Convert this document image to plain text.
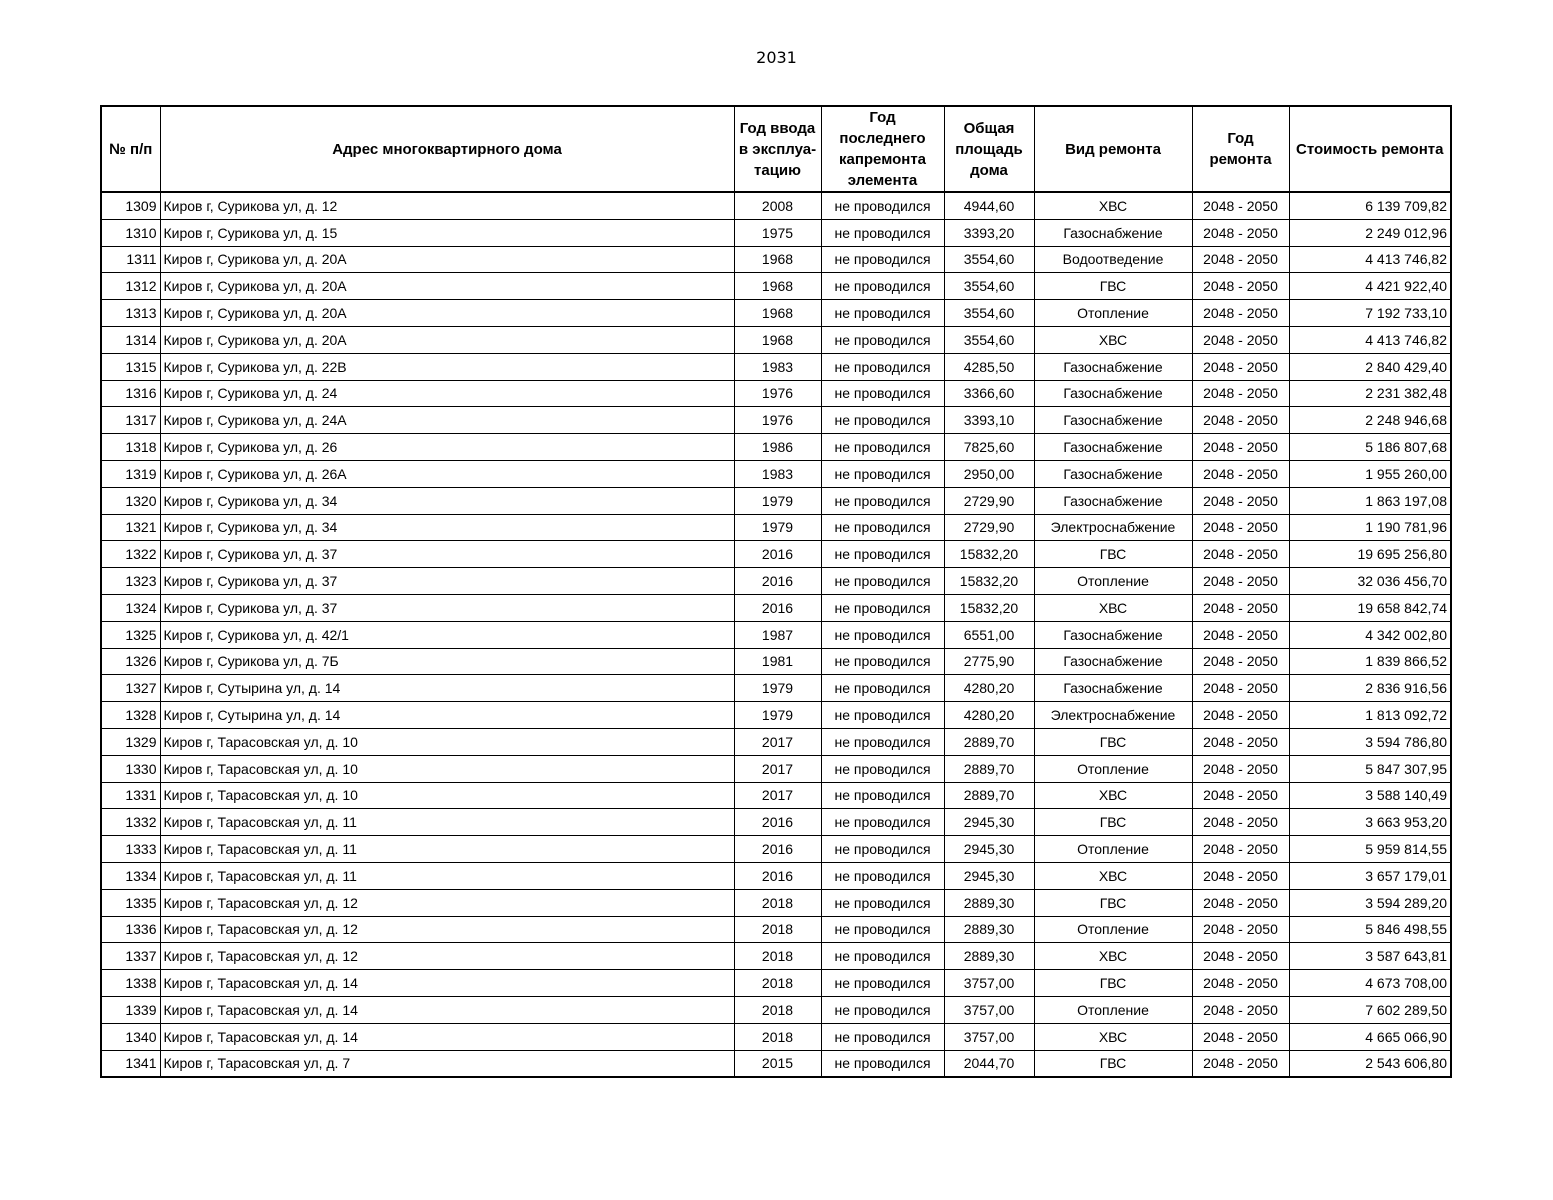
2031
№ п/п	Адрес многоквартирного дома	Год ввода в эксплуа-тацию	Год последнего капремонта элемента	Общая площадь дома	Вид ремонта	Год ремонта	Стоимость ремонта
1309	Киров г, Сурикова ул, д. 12	2008	не проводился	4944,60	ХВС	2048 - 2050	6 139 709,82
1310	Киров г, Сурикова ул, д. 15	1975	не проводился	3393,20	Газоснабжение	2048 - 2050	2 249 012,96
1311	Киров г, Сурикова ул, д. 20А	1968	не проводился	3554,60	Водоотведение	2048 - 2050	4 413 746,82
1312	Киров г, Сурикова ул, д. 20А	1968	не проводился	3554,60	ГВС	2048 - 2050	4 421 922,40
1313	Киров г, Сурикова ул, д. 20А	1968	не проводился	3554,60	Отопление	2048 - 2050	7 192 733,10
1314	Киров г, Сурикова ул, д. 20А	1968	не проводился	3554,60	ХВС	2048 - 2050	4 413 746,82
1315	Киров г, Сурикова ул, д. 22В	1983	не проводился	4285,50	Газоснабжение	2048 - 2050	2 840 429,40
1316	Киров г, Сурикова ул, д. 24	1976	не проводился	3366,60	Газоснабжение	2048 - 2050	2 231 382,48
1317	Киров г, Сурикова ул, д. 24А	1976	не проводился	3393,10	Газоснабжение	2048 - 2050	2 248 946,68
1318	Киров г, Сурикова ул, д. 26	1986	не проводился	7825,60	Газоснабжение	2048 - 2050	5 186 807,68
1319	Киров г, Сурикова ул, д. 26А	1983	не проводился	2950,00	Газоснабжение	2048 - 2050	1 955 260,00
1320	Киров г, Сурикова ул, д. 34	1979	не проводился	2729,90	Газоснабжение	2048 - 2050	1 863 197,08
1321	Киров г, Сурикова ул, д. 34	1979	не проводился	2729,90	Электроснабжение	2048 - 2050	1 190 781,96
1322	Киров г, Сурикова ул, д. 37	2016	не проводился	15832,20	ГВС	2048 - 2050	19 695 256,80
1323	Киров г, Сурикова ул, д. 37	2016	не проводился	15832,20	Отопление	2048 - 2050	32 036 456,70
1324	Киров г, Сурикова ул, д. 37	2016	не проводился	15832,20	ХВС	2048 - 2050	19 658 842,74
1325	Киров г, Сурикова ул, д. 42/1	1987	не проводился	6551,00	Газоснабжение	2048 - 2050	4 342 002,80
1326	Киров г, Сурикова ул, д. 7Б	1981	не проводился	2775,90	Газоснабжение	2048 - 2050	1 839 866,52
1327	Киров г, Сутырина ул, д. 14	1979	не проводился	4280,20	Газоснабжение	2048 - 2050	2 836 916,56
1328	Киров г, Сутырина ул, д. 14	1979	не проводился	4280,20	Электроснабжение	2048 - 2050	1 813 092,72
1329	Киров г, Тарасовская ул, д. 10	2017	не проводился	2889,70	ГВС	2048 - 2050	3 594 786,80
1330	Киров г, Тарасовская ул, д. 10	2017	не проводился	2889,70	Отопление	2048 - 2050	5 847 307,95
1331	Киров г, Тарасовская ул, д. 10	2017	не проводился	2889,70	ХВС	2048 - 2050	3 588 140,49
1332	Киров г, Тарасовская ул, д. 11	2016	не проводился	2945,30	ГВС	2048 - 2050	3 663 953,20
1333	Киров г, Тарасовская ул, д. 11	2016	не проводился	2945,30	Отопление	2048 - 2050	5 959 814,55
1334	Киров г, Тарасовская ул, д. 11	2016	не проводился	2945,30	ХВС	2048 - 2050	3 657 179,01
1335	Киров г, Тарасовская ул, д. 12	2018	не проводился	2889,30	ГВС	2048 - 2050	3 594 289,20
1336	Киров г, Тарасовская ул, д. 12	2018	не проводился	2889,30	Отопление	2048 - 2050	5 846 498,55
1337	Киров г, Тарасовская ул, д. 12	2018	не проводился	2889,30	ХВС	2048 - 2050	3 587 643,81
1338	Киров г, Тарасовская ул, д. 14	2018	не проводился	3757,00	ГВС	2048 - 2050	4 673 708,00
1339	Киров г, Тарасовская ул, д. 14	2018	не проводился	3757,00	Отопление	2048 - 2050	7 602 289,50
1340	Киров г, Тарасовская ул, д. 14	2018	не проводился	3757,00	ХВС	2048 - 2050	4 665 066,90
1341	Киров г, Тарасовская ул, д. 7	2015	не проводился	2044,70	ГВС	2048 - 2050	2 543 606,80
